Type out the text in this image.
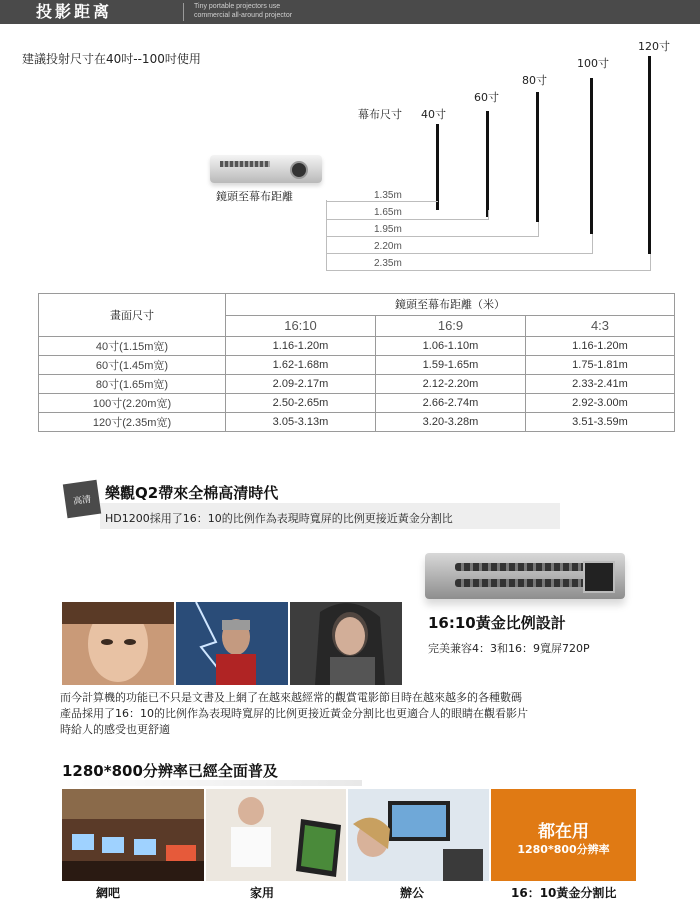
投影距离	Tiny portable projectors use
commercial all-around projector
建議投射尺寸在40吋--100吋使用
鏡頭至幕布距離
幕布尺寸 40寸
60寸
80寸
100寸
120寸
1.35m
1.65m
1.95m
2.20m
2.35m
畫面尺寸	鏡頭至幕布距離（米）		
	16:10	16:9	4:3
40寸(1.15m宽)	1.16-1.20m	1.06-1.10m	1.16-1.20m
60寸(1.45m宽)	1.62-1.68m	1.59-1.65m	1.75-1.81m
80寸(1.65m宽)	2.09-2.17m	2.12-2.20m	2.33-2.41m
100寸(2.20m宽)	2.50-2.65m	2.66-2.74m	2.92-3.00m
120寸(2.35m宽)	3.05-3.13m	3.20-3.28m	3.51-3.59m
高清 樂觀Q2帶來全棉高清時代
HD1200採用了16：10的比例作為表現時寬屏的比例更接近黃金分割比
16:10黃金比例設計
完美兼容4：3和16：9寬屏720P
而今計算機的功能已不只是文書及上網了在越來越經常的觀賞電影節目時在越來越多的各種數碼
產品採用了16：10的比例作為表現時寬屏的比例更接近黃金分割比也更適合人的眼睛在觀看影片
時給人的感受也更舒適
1280*800分辨率已經全面普及
都在用
1280*800分辨率
網吧	家用	辦公	16：10黃金分割比
